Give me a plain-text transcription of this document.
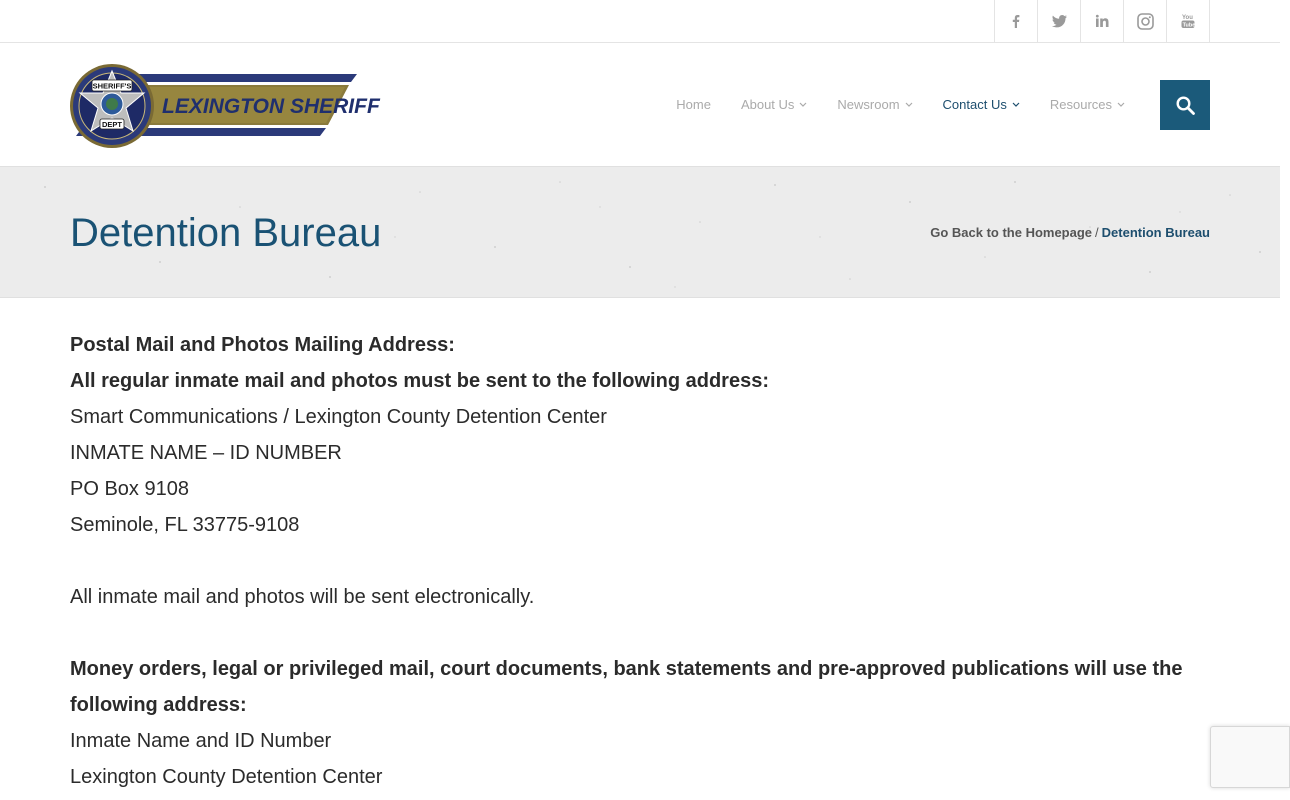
You
Tube
LEXINGTON SHERIFF
SHERIFF'S
DEPT
Home About Us	Newsroom	Contact Us	Resources
Detention Bureau	Go Back to the Homepage / Detention Bureau

Postal Mail and Photos Mailing Address:

All regular inmate mail and photos must be sent to the following address:

Smart Communications / Lexington County Detention Center

INMATE NAME – ID NUMBER

PO Box 9108

Seminole, FL 33775-9108

All inmate mail and photos will be sent electronically.

Money orders, legal or privileged mail, court documents, bank statements and pre-approved publications will use the following address:

Inmate Name and ID Number

Lexington County Detention Center
